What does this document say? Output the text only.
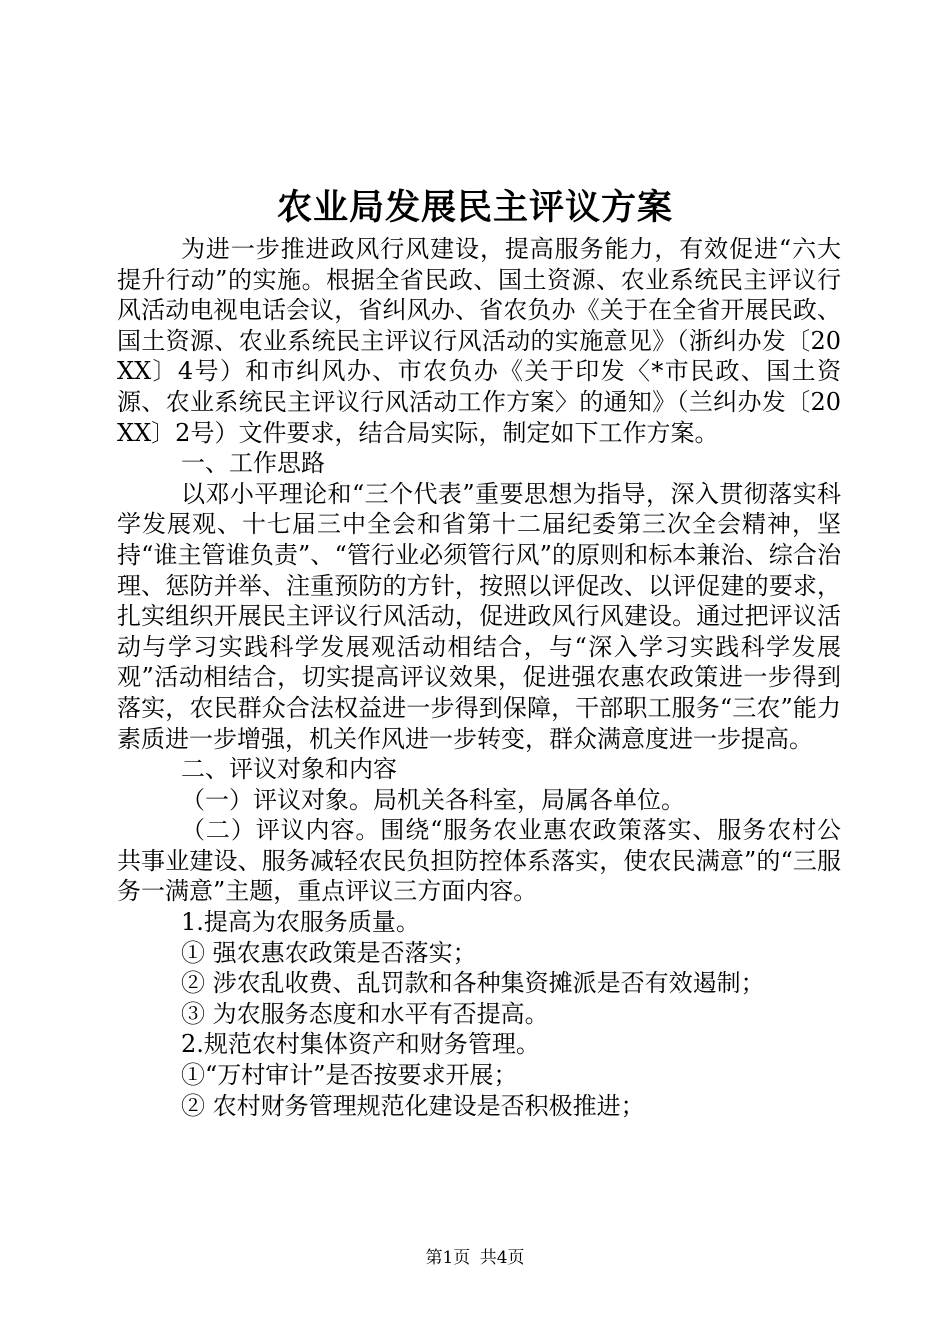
农业局发展民主评议方案

为进一步推进政风行风建设，提高服务能力，有效促进“六大提升行动”的实施。根据全省民政、国土资源、农业系统民主评议行风活动电视电话会议，省纠风办、省农负办《关于在全省开展民政、国土资源、农业系统民主评议行风活动的实施意见》（浙纠办发〔20XX〕4号）和市纠风办、市农负办《关于印发〈*市民政、国土资源、农业系统民主评议行风活动工作方案〉的通知》（兰纠办发〔20XX〕2号）文件要求，结合局实际，制定如下工作方案。

一、工作思路

以邓小平理论和“三个代表”重要思想为指导，深入贯彻落实科学发展观、十七届三中全会和省第十二届纪委第三次全会精神，坚持“谁主管谁负责”、“管行业必须管行风”的原则和标本兼治、综合治理、惩防并举、注重预防的方针，按照以评促改、以评促建的要求，扎实组织开展民主评议行风活动，促进政风行风建设。通过把评议活动与学习实践科学发展观活动相结合，与“深入学习实践科学发展观”活动相结合，切实提高评议效果，促进强农惠农政策进一步得到落实，农民群众合法权益进一步得到保障，干部职工服务“三农”能力素质进一步增强，机关作风进一步转变，群众满意度进一步提高。

二、评议对象和内容

（一）评议对象。局机关各科室，局属各单位。

（二）评议内容。围绕“服务农业惠农政策落实、服务农村公共事业建设、服务减轻农民负担防控体系落实，使农民满意”的“三服务一满意”主题，重点评议三方面内容。

1.提高为农服务质量。

① 强农惠农政策是否落实；

② 涉农乱收费、乱罚款和各种集资摊派是否有效遏制；

③ 为农服务态度和水平有否提高。

2.规范农村集体资产和财务管理。

①“万村审计”是否按要求开展；

② 农村财务管理规范化建设是否积极推进；

第1页 共4页
